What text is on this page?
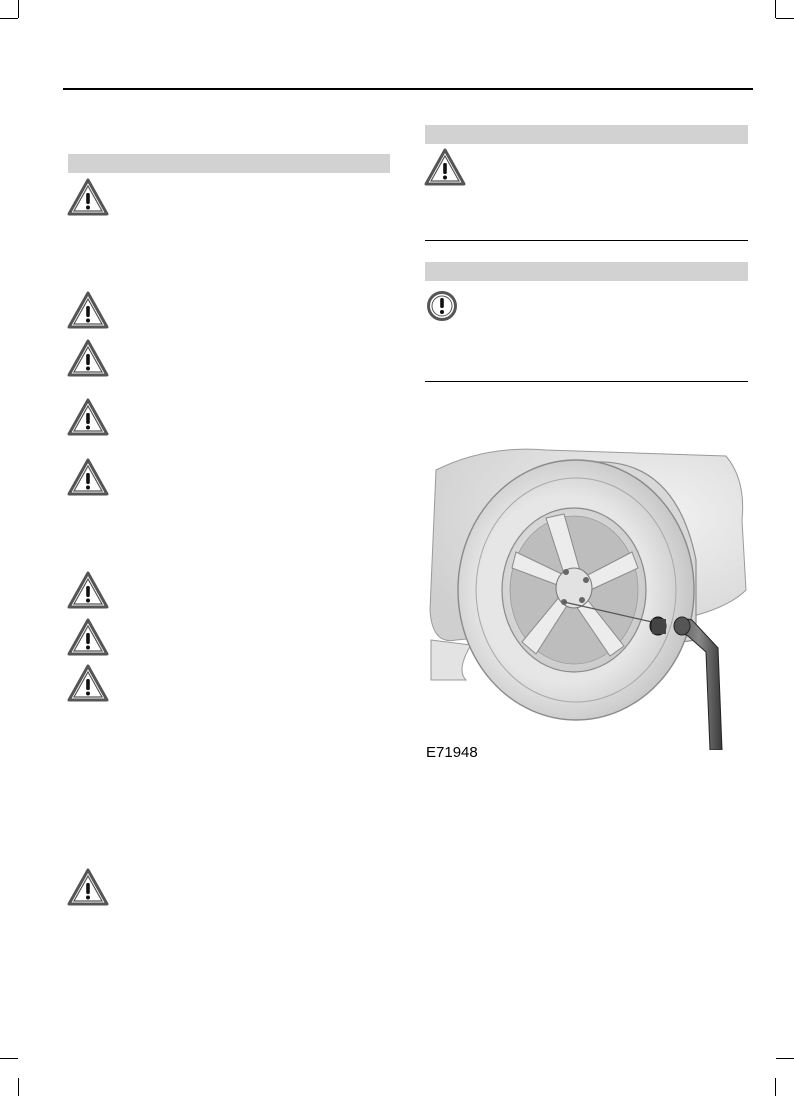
E71948
